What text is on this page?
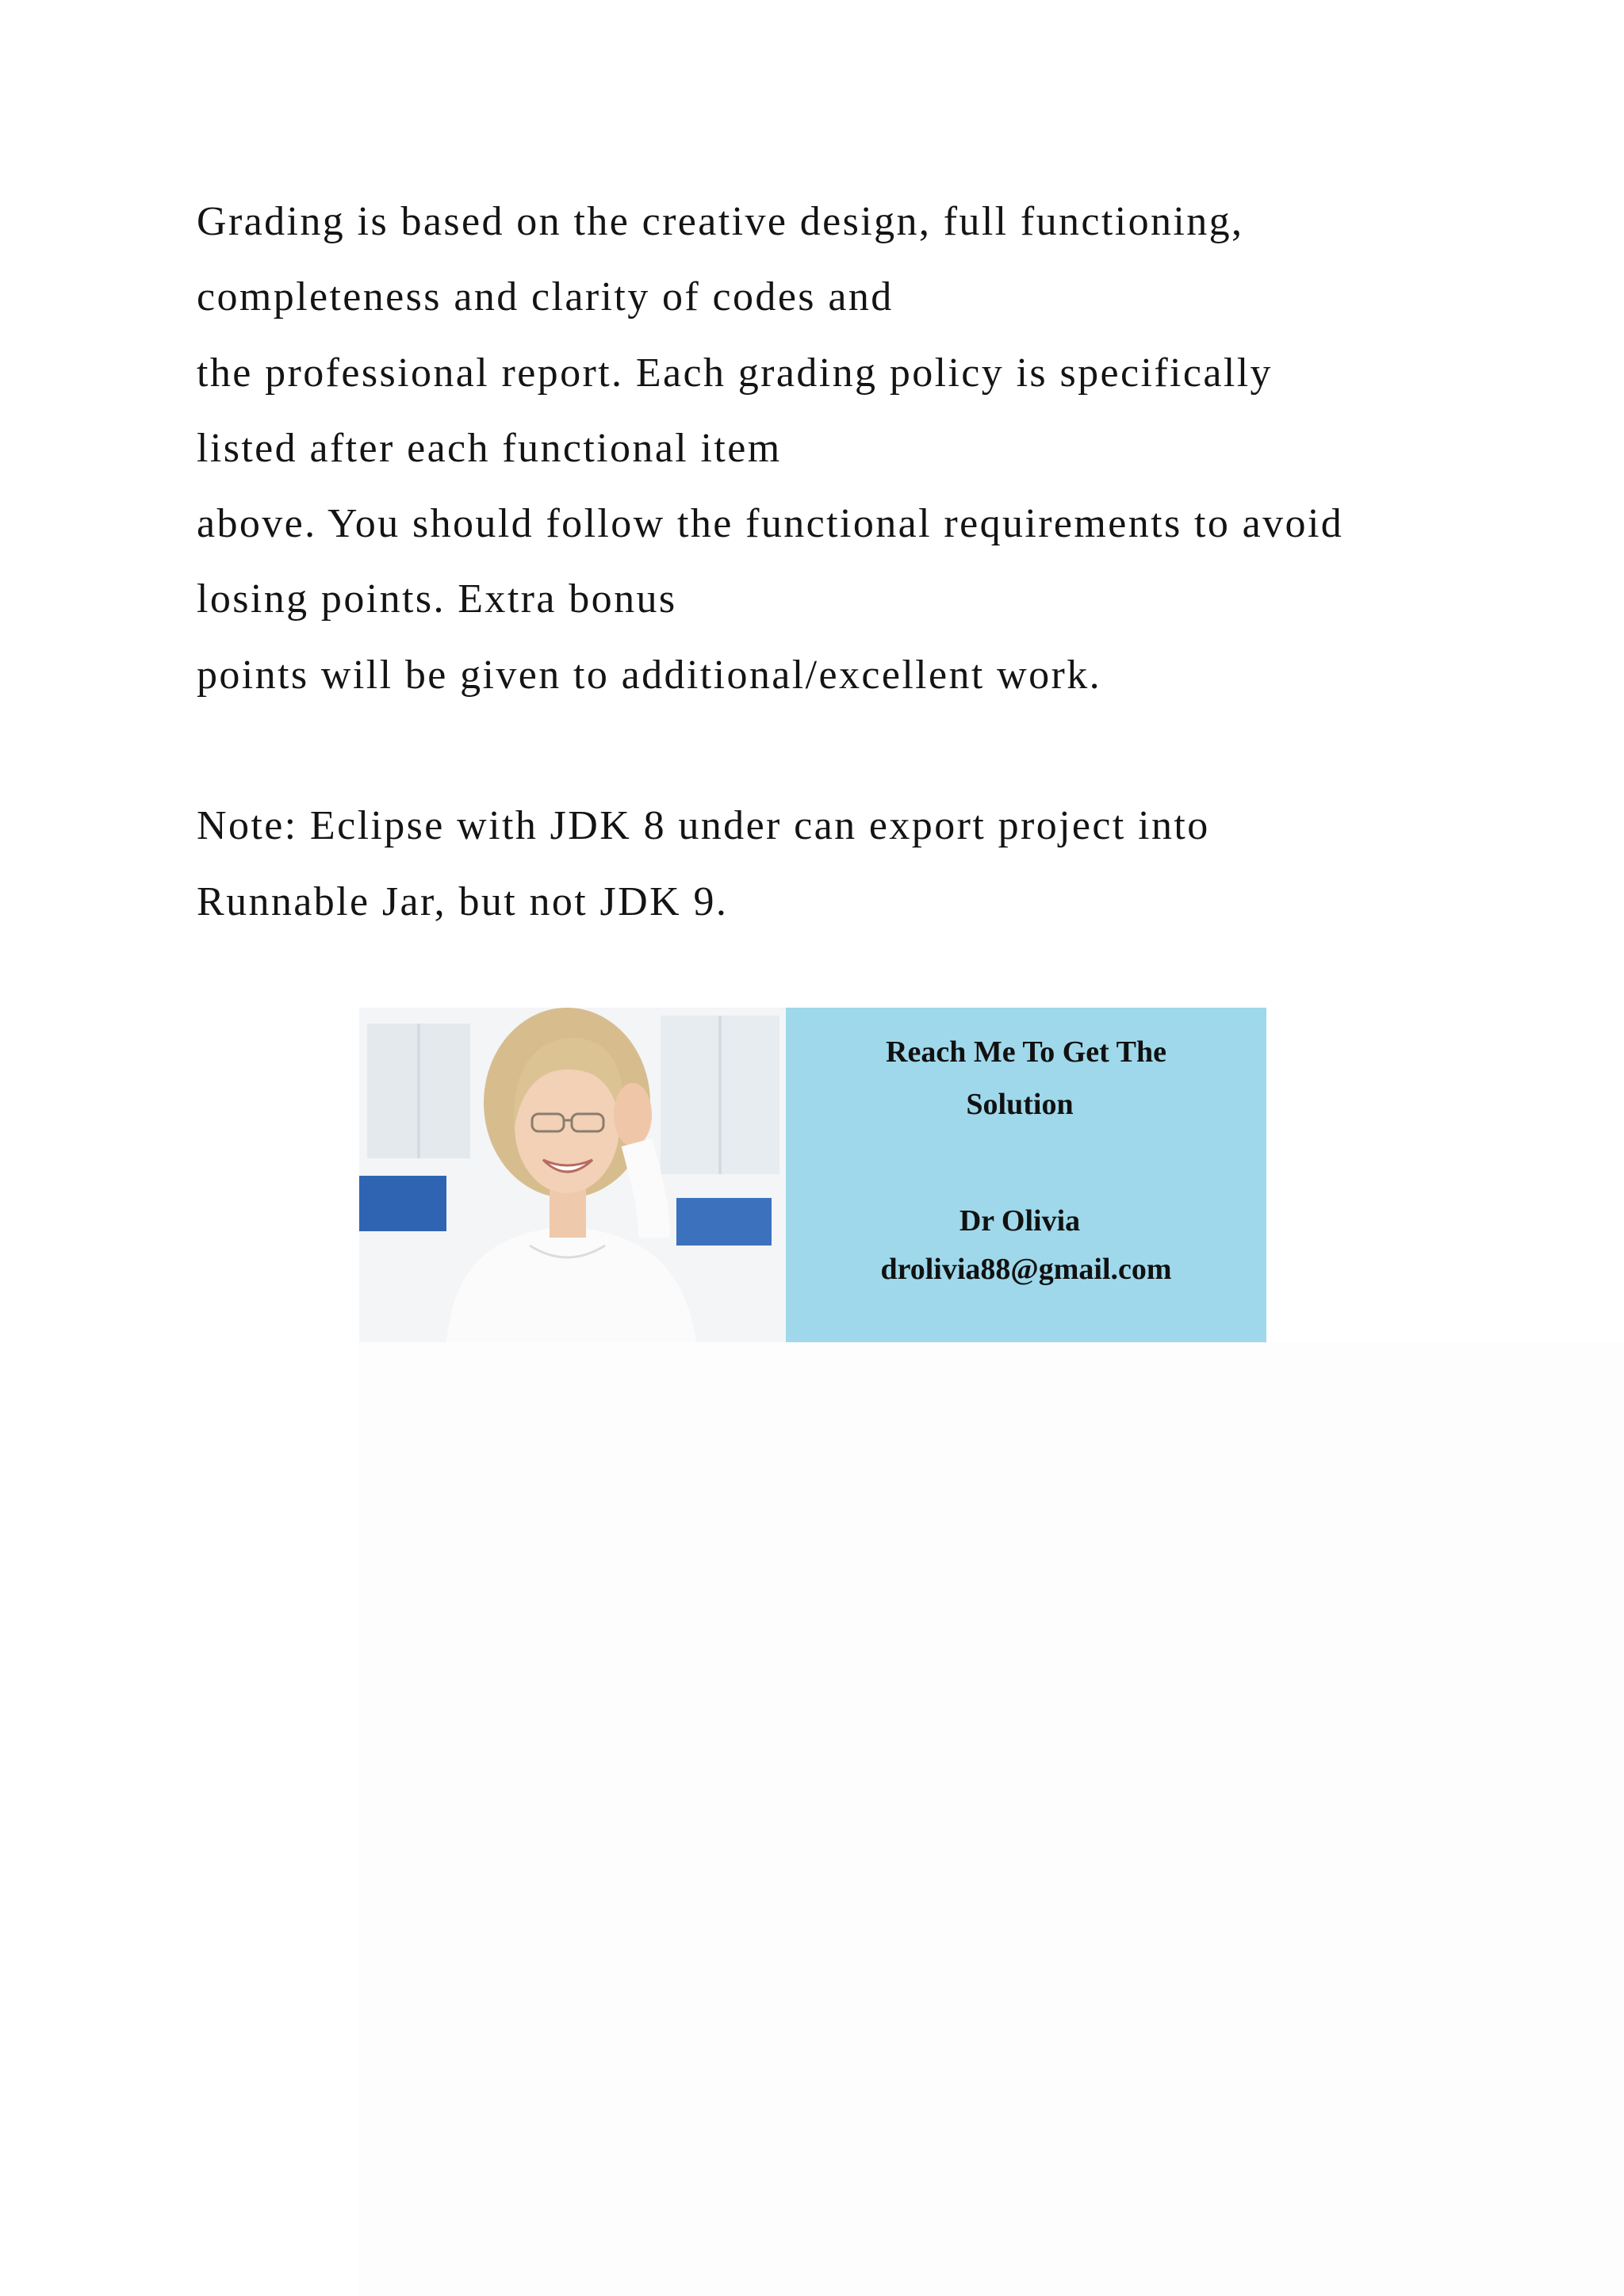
Grading is based on the creative design, full functioning,
completeness and clarity of codes and
the professional report. Each grading policy is specifically
listed after each functional item
above. You should follow the functional requirements to avoid
losing points. Extra bonus
points will be given to additional/excellent work.
Note: Eclipse with JDK 8 under can export project into
Runnable Jar, but not JDK 9.
Reach Me To Get The
Solution
Dr Olivia
drolivia88@gmail.com
